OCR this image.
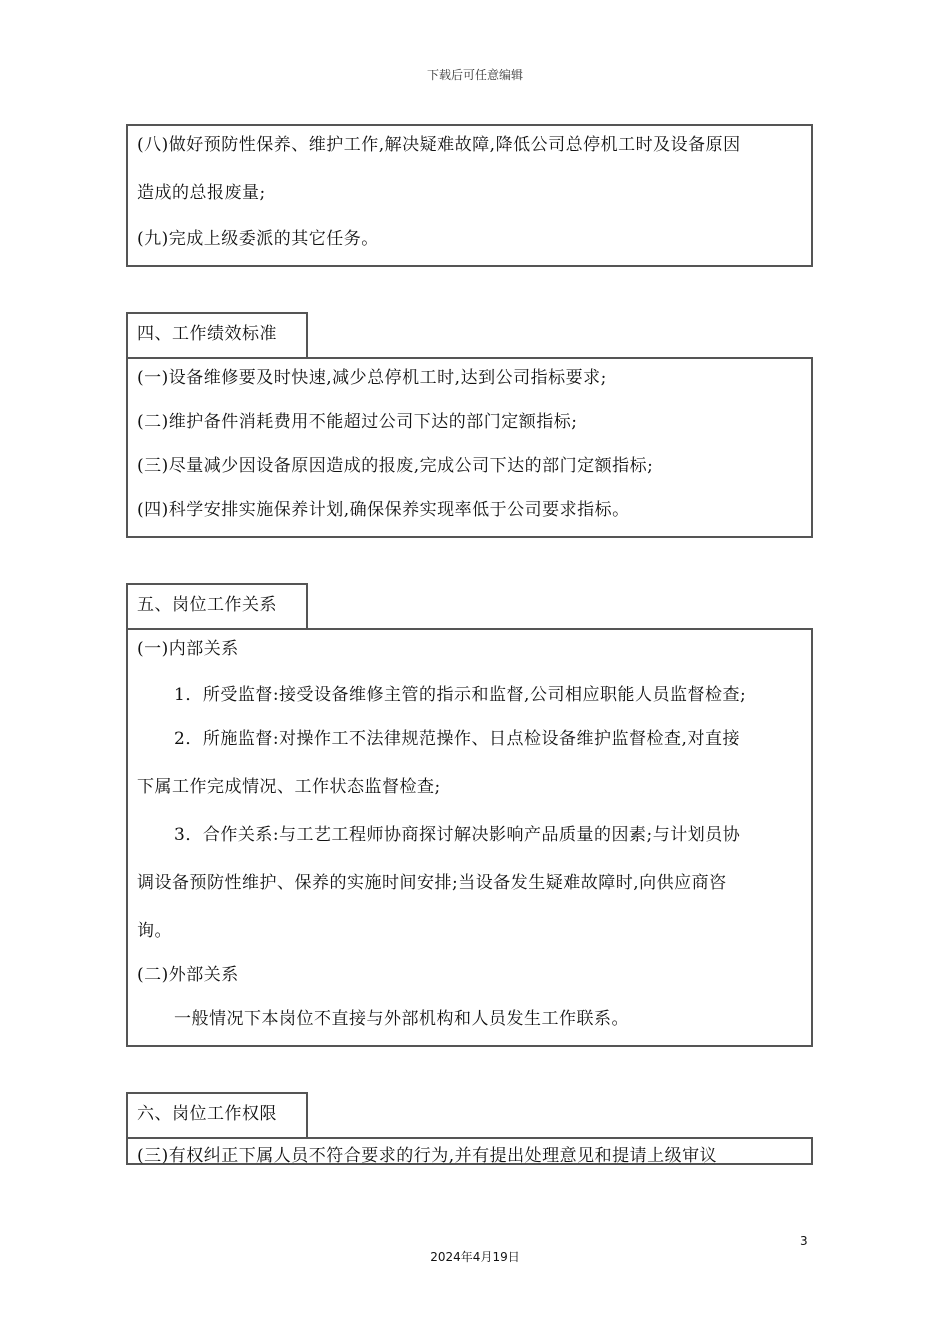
下载后可任意编辑
(八)做好预防性保养、维护工作,解决疑难故障,降低公司总停机工时及设备原因
造成的总报废量;
(九)完成上级委派的其它任务。
四、工作绩效标准
(一)设备维修要及时快速,减少总停机工时,达到公司指标要求;
(二)维护备件消耗费用不能超过公司下达的部门定额指标;
(三)尽量减少因设备原因造成的报废,完成公司下达的部门定额指标;
(四)科学安排实施保养计划,确保保养实现率低于公司要求指标。
五、岗位工作关系
(一)内部关系
1．所受监督:接受设备维修主管的指示和监督,公司相应职能人员监督检查;
2．所施监督:对操作工不法律规范操作、日点检设备维护监督检查,对直接
下属工作完成情况、工作状态监督检查;
3．合作关系:与工艺工程师协商探讨解决影响产品质量的因素;与计划员协
调设备预防性维护、保养的实施时间安排;当设备发生疑难故障时,向供应商咨
询。
(二)外部关系
一般情况下本岗位不直接与外部机构和人员发生工作联系。
六、岗位工作权限
(三)有权纠正下属人员不符合要求的行为,并有提出处理意见和提请上级审议
3
2024年4月19日
